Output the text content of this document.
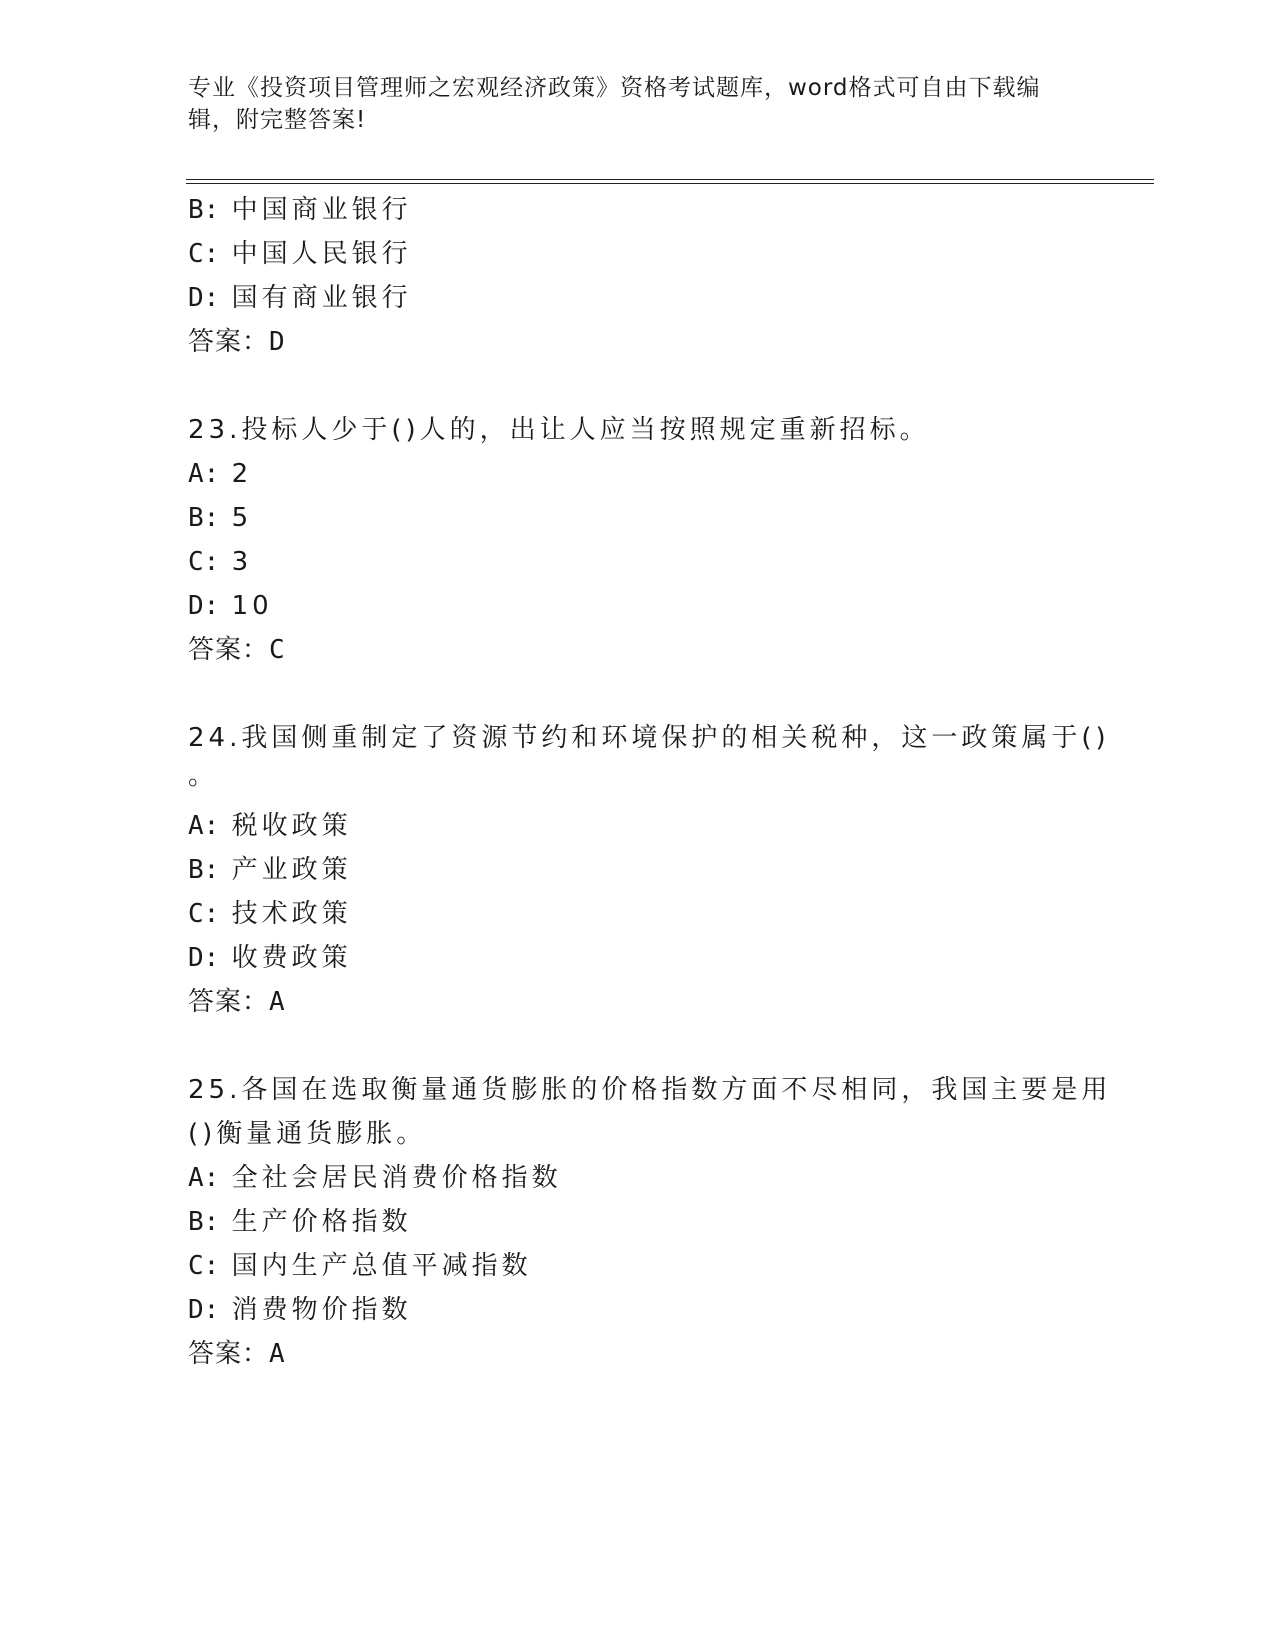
专业《投资项目管理师之宏观经济政策》资格考试题库，word格式可自由下载编
辑，附完整答案!
B: 中国商业银行
C: 中国人民银行
D: 国有商业银行
答案：D
23.投标人少于()人的，出让人应当按照规定重新招标。
A: 2
B: 5
C: 3
D: 10
答案：C
24.我国侧重制定了资源节约和环境保护的相关税种，这一政策属于()
。
A: 税收政策
B: 产业政策
C: 技术政策
D: 收费政策
答案：A
25.各国在选取衡量通货膨胀的价格指数方面不尽相同，我国主要是用
()衡量通货膨胀。
A: 全社会居民消费价格指数
B: 生产价格指数
C: 国内生产总值平减指数
D: 消费物价指数
答案：A
